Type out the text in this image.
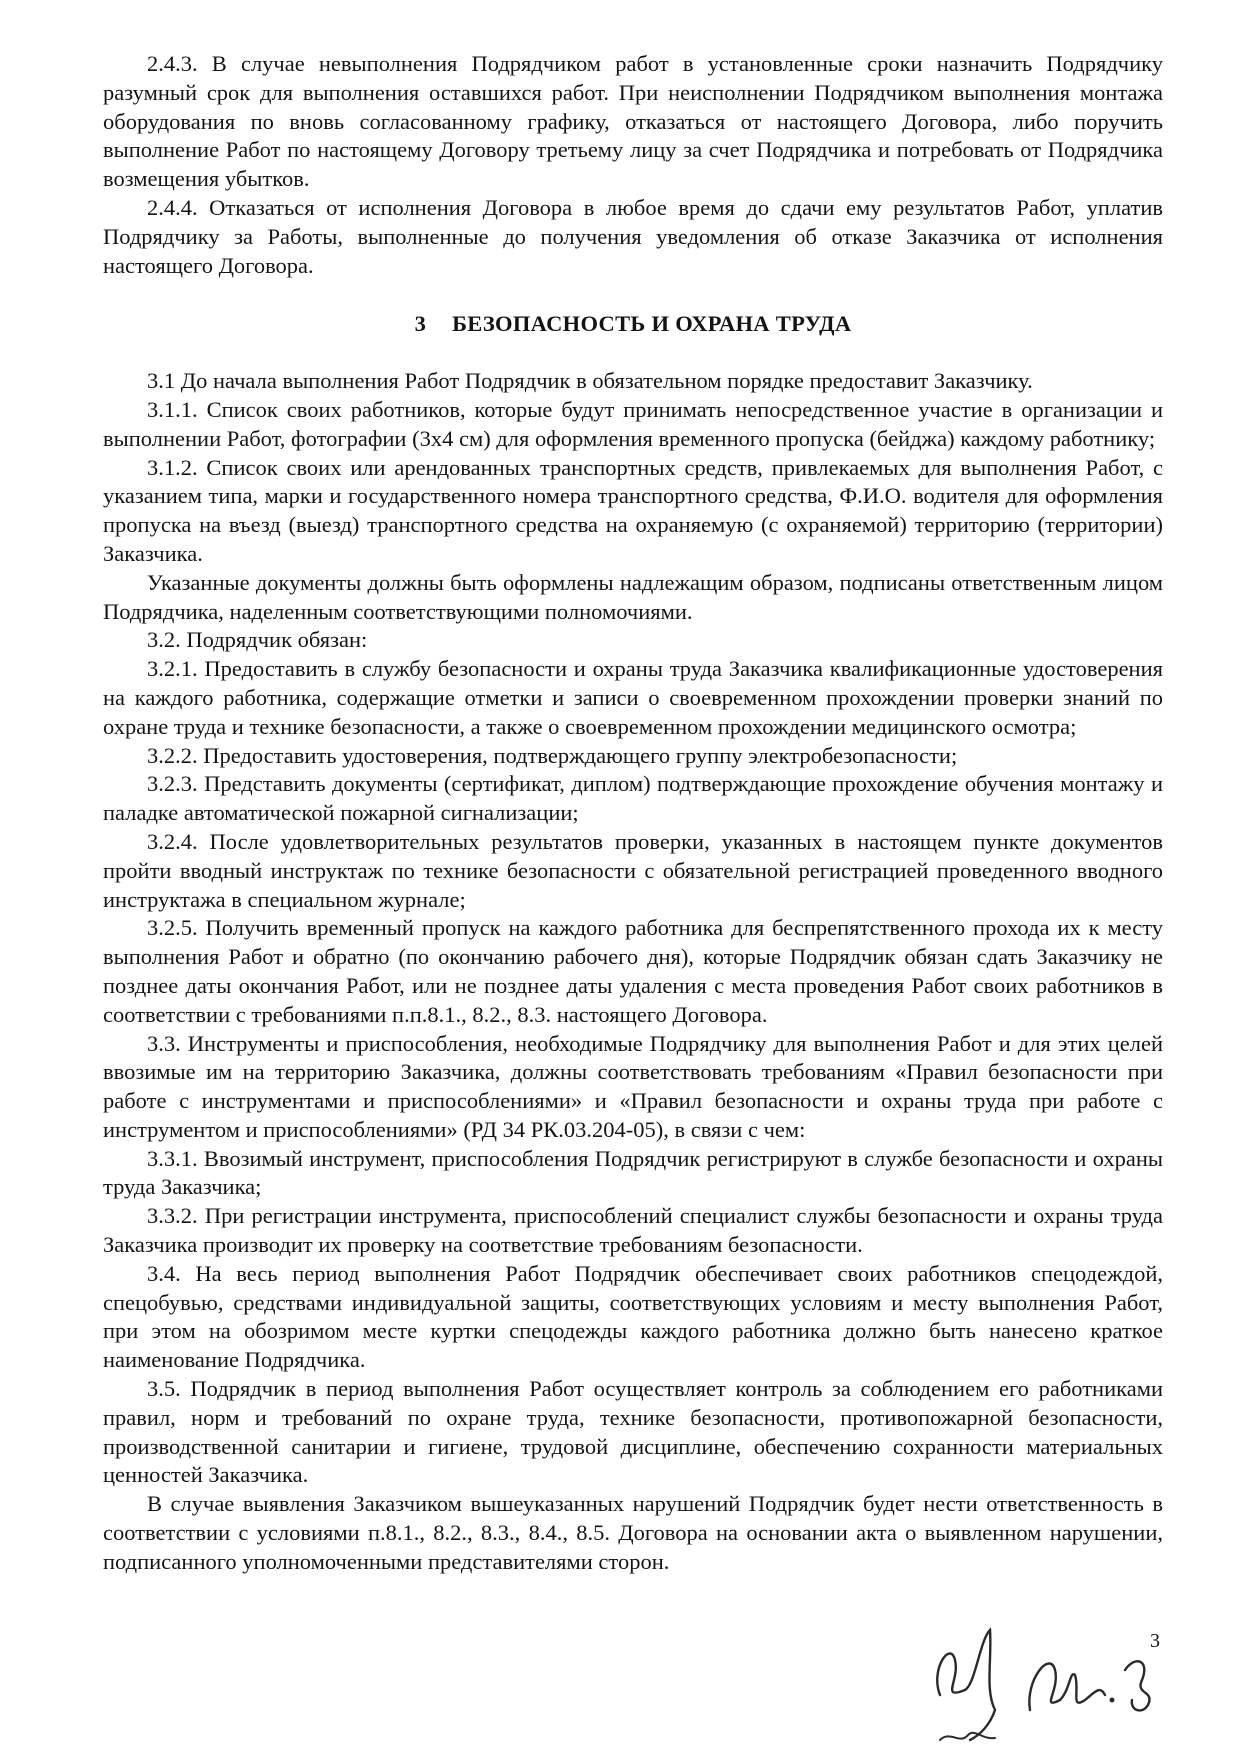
2.4.3. В случае невыполнения Подрядчиком работ в установленные сроки назначить Подрядчику разумный срок для выполнения оставшихся работ. При неисполнении Подрядчиком выполнения монтажа оборудования по вновь согласованному графику, отказаться от настоящего Договора, либо поручить выполнение Работ по настоящему Договору третьему лицу за счет Подрядчика и потребовать от Подрядчика возмещения убытков.

2.4.4. Отказаться от исполнения Договора в любое время до сдачи ему результатов Работ, уплатив Подрядчику за Работы, выполненные до получения уведомления об отказе Заказчика от исполнения настоящего Договора.

3 БЕЗОПАСНОСТЬ И ОХРАНА ТРУДА

3.1 До начала выполнения Работ Подрядчик в обязательном порядке предоставит Заказчику.

3.1.1. Список своих работников, которые будут принимать непосредственное участие в организации и выполнении Работ, фотографии (3х4 см) для оформления временного пропуска (бейджа) каждому работнику;

3.1.2. Список своих или арендованных транспортных средств, привлекаемых для выполнения Работ, с указанием типа, марки и государственного номера транспортного средства, Ф.И.О. водителя для оформления пропуска на въезд (выезд) транспортного средства на охраняемую (с охраняемой) территорию (территории) Заказчика.

Указанные документы должны быть оформлены надлежащим образом, подписаны ответственным лицом Подрядчика, наделенным соответствующими полномочиями.

3.2. Подрядчик обязан:

3.2.1. Предоставить в службу безопасности и охраны труда Заказчика квалификационные удостоверения на каждого работника, содержащие отметки и записи о своевременном прохождении проверки знаний по охране труда и технике безопасности, а также о своевременном прохождении медицинского осмотра;

3.2.2. Предоставить удостоверения, подтверждающего группу электробезопасности;

3.2.3. Представить документы (сертификат, диплом) подтверждающие прохождение обучения монтажу и паладке автоматической пожарной сигнализации;

3.2.4. После удовлетворительных результатов проверки, указанных в настоящем пункте документов пройти вводный инструктаж по технике безопасности с обязательной регистрацией проведенного вводного инструктажа в специальном журнале;

3.2.5. Получить временный пропуск на каждого работника для беспрепятственного прохода их к месту выполнения Работ и обратно (по окончанию рабочего дня), которые Подрядчик обязан сдать Заказчику не позднее даты окончания Работ, или не позднее даты удаления с места проведения Работ своих работников в соответствии с требованиями п.п.8.1., 8.2., 8.3. настоящего Договора.

3.3. Инструменты и приспособления, необходимые Подрядчику для выполнения Работ и для этих целей ввозимые им на территорию Заказчика, должны соответствовать требованиям «Правил безопасности при работе с инструментами и приспособлениями» и «Правил безопасности и охраны труда при работе с инструментом и приспособлениями» (РД 34 РК.03.204-05), в связи с чем:

3.3.1. Ввозимый инструмент, приспособления Подрядчик регистрируют в службе безопасности и охраны труда Заказчика;

3.3.2. При регистрации инструмента, приспособлений специалист службы безопасности и охраны труда Заказчика производит их проверку на соответствие требованиям безопасности.

3.4. На весь период выполнения Работ Подрядчик обеспечивает своих работников спецодеждой, спецобувью, средствами индивидуальной защиты, соответствующих условиям и месту выполнения Работ, при этом на обозримом месте куртки спецодежды каждого работника должно быть нанесено краткое наименование Подрядчика.

3.5. Подрядчик в период выполнения Работ осуществляет контроль за соблюдением его работниками правил, норм и требований по охране труда, технике безопасности, противопожарной безопасности, производственной санитарии и гигиене, трудовой дисциплине, обеспечению сохранности материальных ценностей Заказчика.

В случае выявления Заказчиком вышеуказанных нарушений Подрядчик будет нести ответственность в соответствии с условиями п.8.1., 8.2., 8.3., 8.4., 8.5. Договора на основании акта о выявленном нарушении, подписанного уполномоченными представителями сторон.

3
